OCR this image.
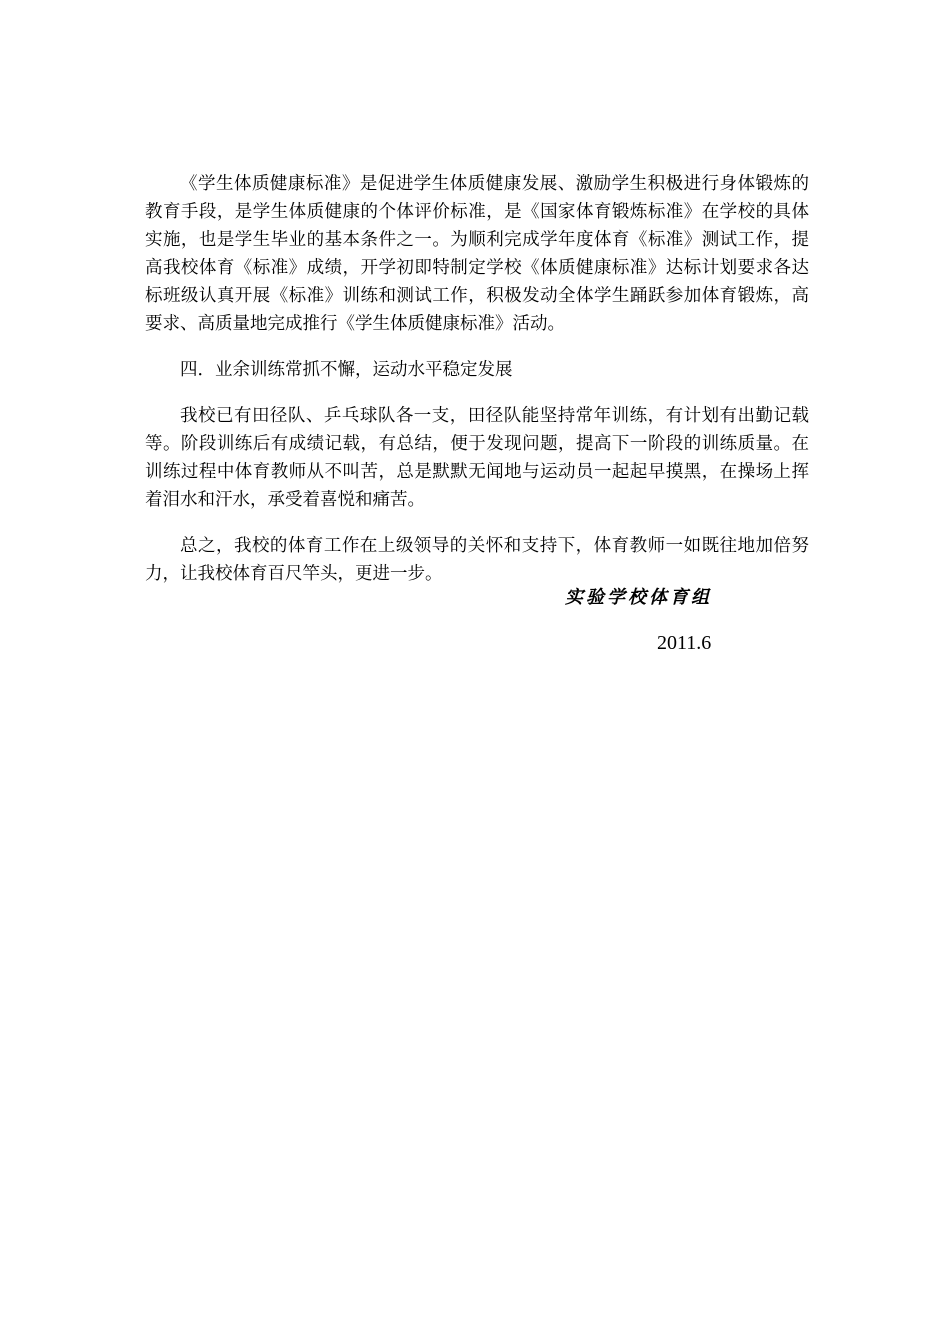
《学生体质健康标准》是促进学生体质健康发展、激励学生积极进行身体锻炼的教育手段，是学生体质健康的个体评价标准，是《国家体育锻炼标准》在学校的具体实施，也是学生毕业的基本条件之一。为顺利完成学年度体育《标准》测试工作，提高我校体育《标准》成绩，开学初即特制定学校《体质健康标准》达标计划要求各达标班级认真开展《标准》训练和测试工作，积极发动全体学生踊跃参加体育锻炼，高要求、高质量地完成推行《学生体质健康标准》活动。

四．业余训练常抓不懈，运动水平稳定发展

我校已有田径队、乒乓球队各一支，田径队能坚持常年训练，有计划有出勤记载等。阶段训练后有成绩记载，有总结，便于发现问题，提高下一阶段的训练质量。在训练过程中体育教师从不叫苦，总是默默无闻地与运动员一起起早摸黑，在操场上挥着泪水和汗水，承受着喜悦和痛苦。

总之，我校的体育工作在上级领导的关怀和支持下，体育教师一如既往地加倍努力，让我校体育百尺竿头，更进一步。

实验学校体育组
2011.6
